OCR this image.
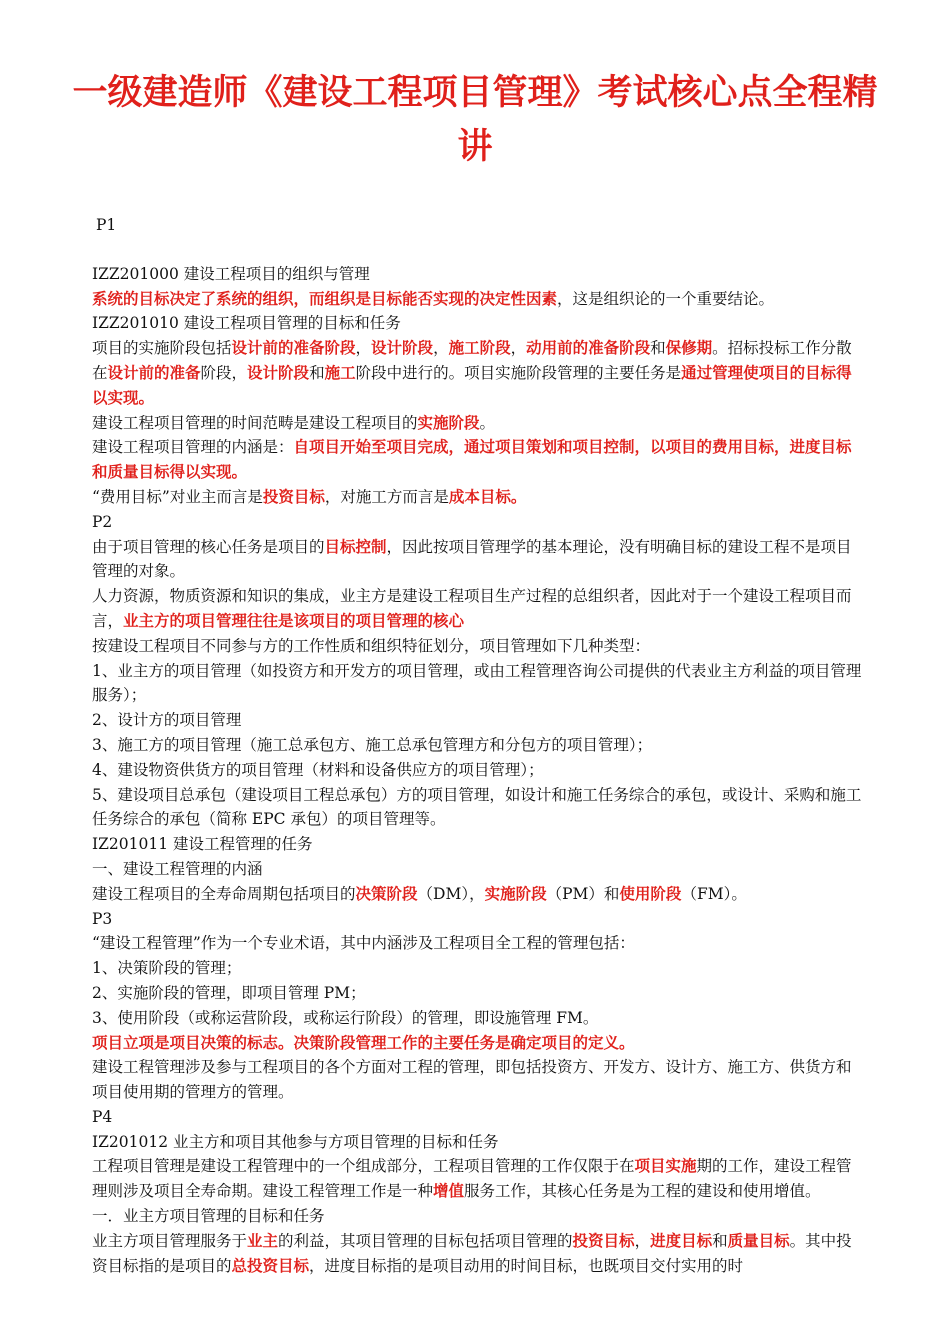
一级建造师《建设工程项目管理》考试核心点全程精讲
P1
IZZ201000 建设工程项目的组织与管理
系统的目标决定了系统的组织，而组织是目标能否实现的决定性因素，这是组织论的一个重要结论。
IZZ201010 建设工程项目管理的目标和任务
项目的实施阶段包括设计前的准备阶段，设计阶段，施工阶段，动用前的准备阶段和保修期。招标投标工作分散在设计前的准备阶段，设计阶段和施工阶段中进行的。项目实施阶段管理的主要任务是通过管理使项目的目标得以实现。
建设工程项目管理的时间范畴是建设工程项目的实施阶段。
建设工程项目管理的内涵是：自项目开始至项目完成，通过项目策划和项目控制，以项目的费用目标，进度目标和质量目标得以实现。
“费用目标”对业主而言是投资目标，对施工方而言是成本目标。
P2
由于项目管理的核心任务是项目的目标控制，因此按项目管理学的基本理论，没有明确目标的建设工程不是项目管理的对象。
人力资源，物质资源和知识的集成，业主方是建设工程项目生产过程的总组织者，因此对于一个建设工程项目而言，业主方的项目管理往往是该项目的项目管理的核心
按建设工程项目不同参与方的工作性质和组织特征划分，项目管理如下几种类型：
1、业主方的项目管理（如投资方和开发方的项目管理，或由工程管理咨询公司提供的代表业主方利益的项目管理服务）；
2、设计方的项目管理
3、施工方的项目管理（施工总承包方、施工总承包管理方和分包方的项目管理）；
4、建设物资供货方的项目管理（材料和设备供应方的项目管理）；
5、建设项目总承包（建设项目工程总承包）方的项目管理，如设计和施工任务综合的承包，或设计、采购和施工任务综合的承包（简称 EPC 承包）的项目管理等。
IZ201011 建设工程管理的任务
一、建设工程管理的内涵
建设工程项目的全寿命周期包括项目的决策阶段（DM），实施阶段（PM）和使用阶段（FM）。
P3
“建设工程管理”作为一个专业术语，其中内涵涉及工程项目全工程的管理包括：
1、决策阶段的管理；
2、实施阶段的管理，即项目管理 PM；
3、使用阶段（或称运营阶段，或称运行阶段）的管理，即设施管理 FM。
项目立项是项目决策的标志。决策阶段管理工作的主要任务是确定项目的定义。
建设工程管理涉及参与工程项目的各个方面对工程的管理，即包括投资方、开发方、设计方、施工方、供货方和项目使用期的管理方的管理。
P4
IZ201012 业主方和项目其他参与方项目管理的目标和任务
工程项目管理是建设工程管理中的一个组成部分，工程项目管理的工作仅限于在项目实施期的工作，建设工程管理则涉及项目全寿命期。建设工程管理工作是一种增值服务工作，其核心任务是为工程的建设和使用增值。
一．业主方项目管理的目标和任务
业主方项目管理服务于业主的利益，其项目管理的目标包括项目管理的投资目标，进度目标和质量目标。其中投资目标指的是项目的总投资目标，进度目标指的是项目动用的时间目标，也既项目交付实用的时
